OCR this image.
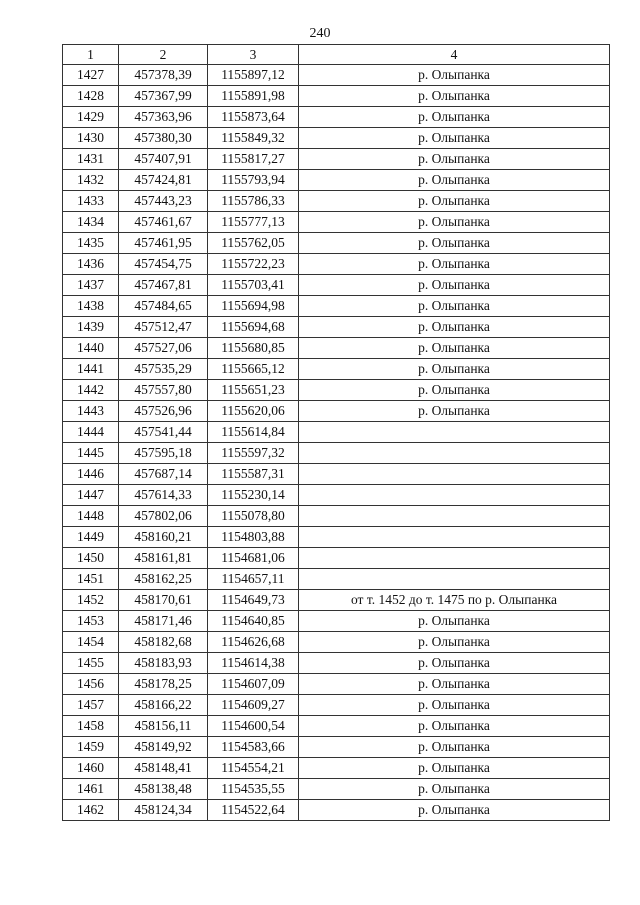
240
1	2	3	4
1427	457378,39	1155897,12	р. Олыпанка
1428	457367,99	1155891,98	р. Олыпанка
1429	457363,96	1155873,64	р. Олыпанка
1430	457380,30	1155849,32	р. Олыпанка
1431	457407,91	1155817,27	р. Олыпанка
1432	457424,81	1155793,94	р. Олыпанка
1433	457443,23	1155786,33	р. Олыпанка
1434	457461,67	1155777,13	р. Олыпанка
1435	457461,95	1155762,05	р. Олыпанка
1436	457454,75	1155722,23	р. Олыпанка
1437	457467,81	1155703,41	р. Олыпанка
1438	457484,65	1155694,98	р. Олыпанка
1439	457512,47	1155694,68	р. Олыпанка
1440	457527,06	1155680,85	р. Олыпанка
1441	457535,29	1155665,12	р. Олыпанка
1442	457557,80	1155651,23	р. Олыпанка
1443	457526,96	1155620,06	р. Олыпанка
1444	457541,44	1155614,84	
1445	457595,18	1155597,32	
1446	457687,14	1155587,31	
1447	457614,33	1155230,14	
1448	457802,06	1155078,80	
1449	458160,21	1154803,88	
1450	458161,81	1154681,06	
1451	458162,25	1154657,11	
1452	458170,61	1154649,73	от т. 1452 до т. 1475 по р. Олыпанка
1453	458171,46	1154640,85	р. Олыпанка
1454	458182,68	1154626,68	р. Олыпанка
1455	458183,93	1154614,38	р. Олыпанка
1456	458178,25	1154607,09	р. Олыпанка
1457	458166,22	1154609,27	р. Олыпанка
1458	458156,11	1154600,54	р. Олыпанка
1459	458149,92	1154583,66	р. Олыпанка
1460	458148,41	1154554,21	р. Олыпанка
1461	458138,48	1154535,55	р. Олыпанка
1462	458124,34	1154522,64	р. Олыпанка
